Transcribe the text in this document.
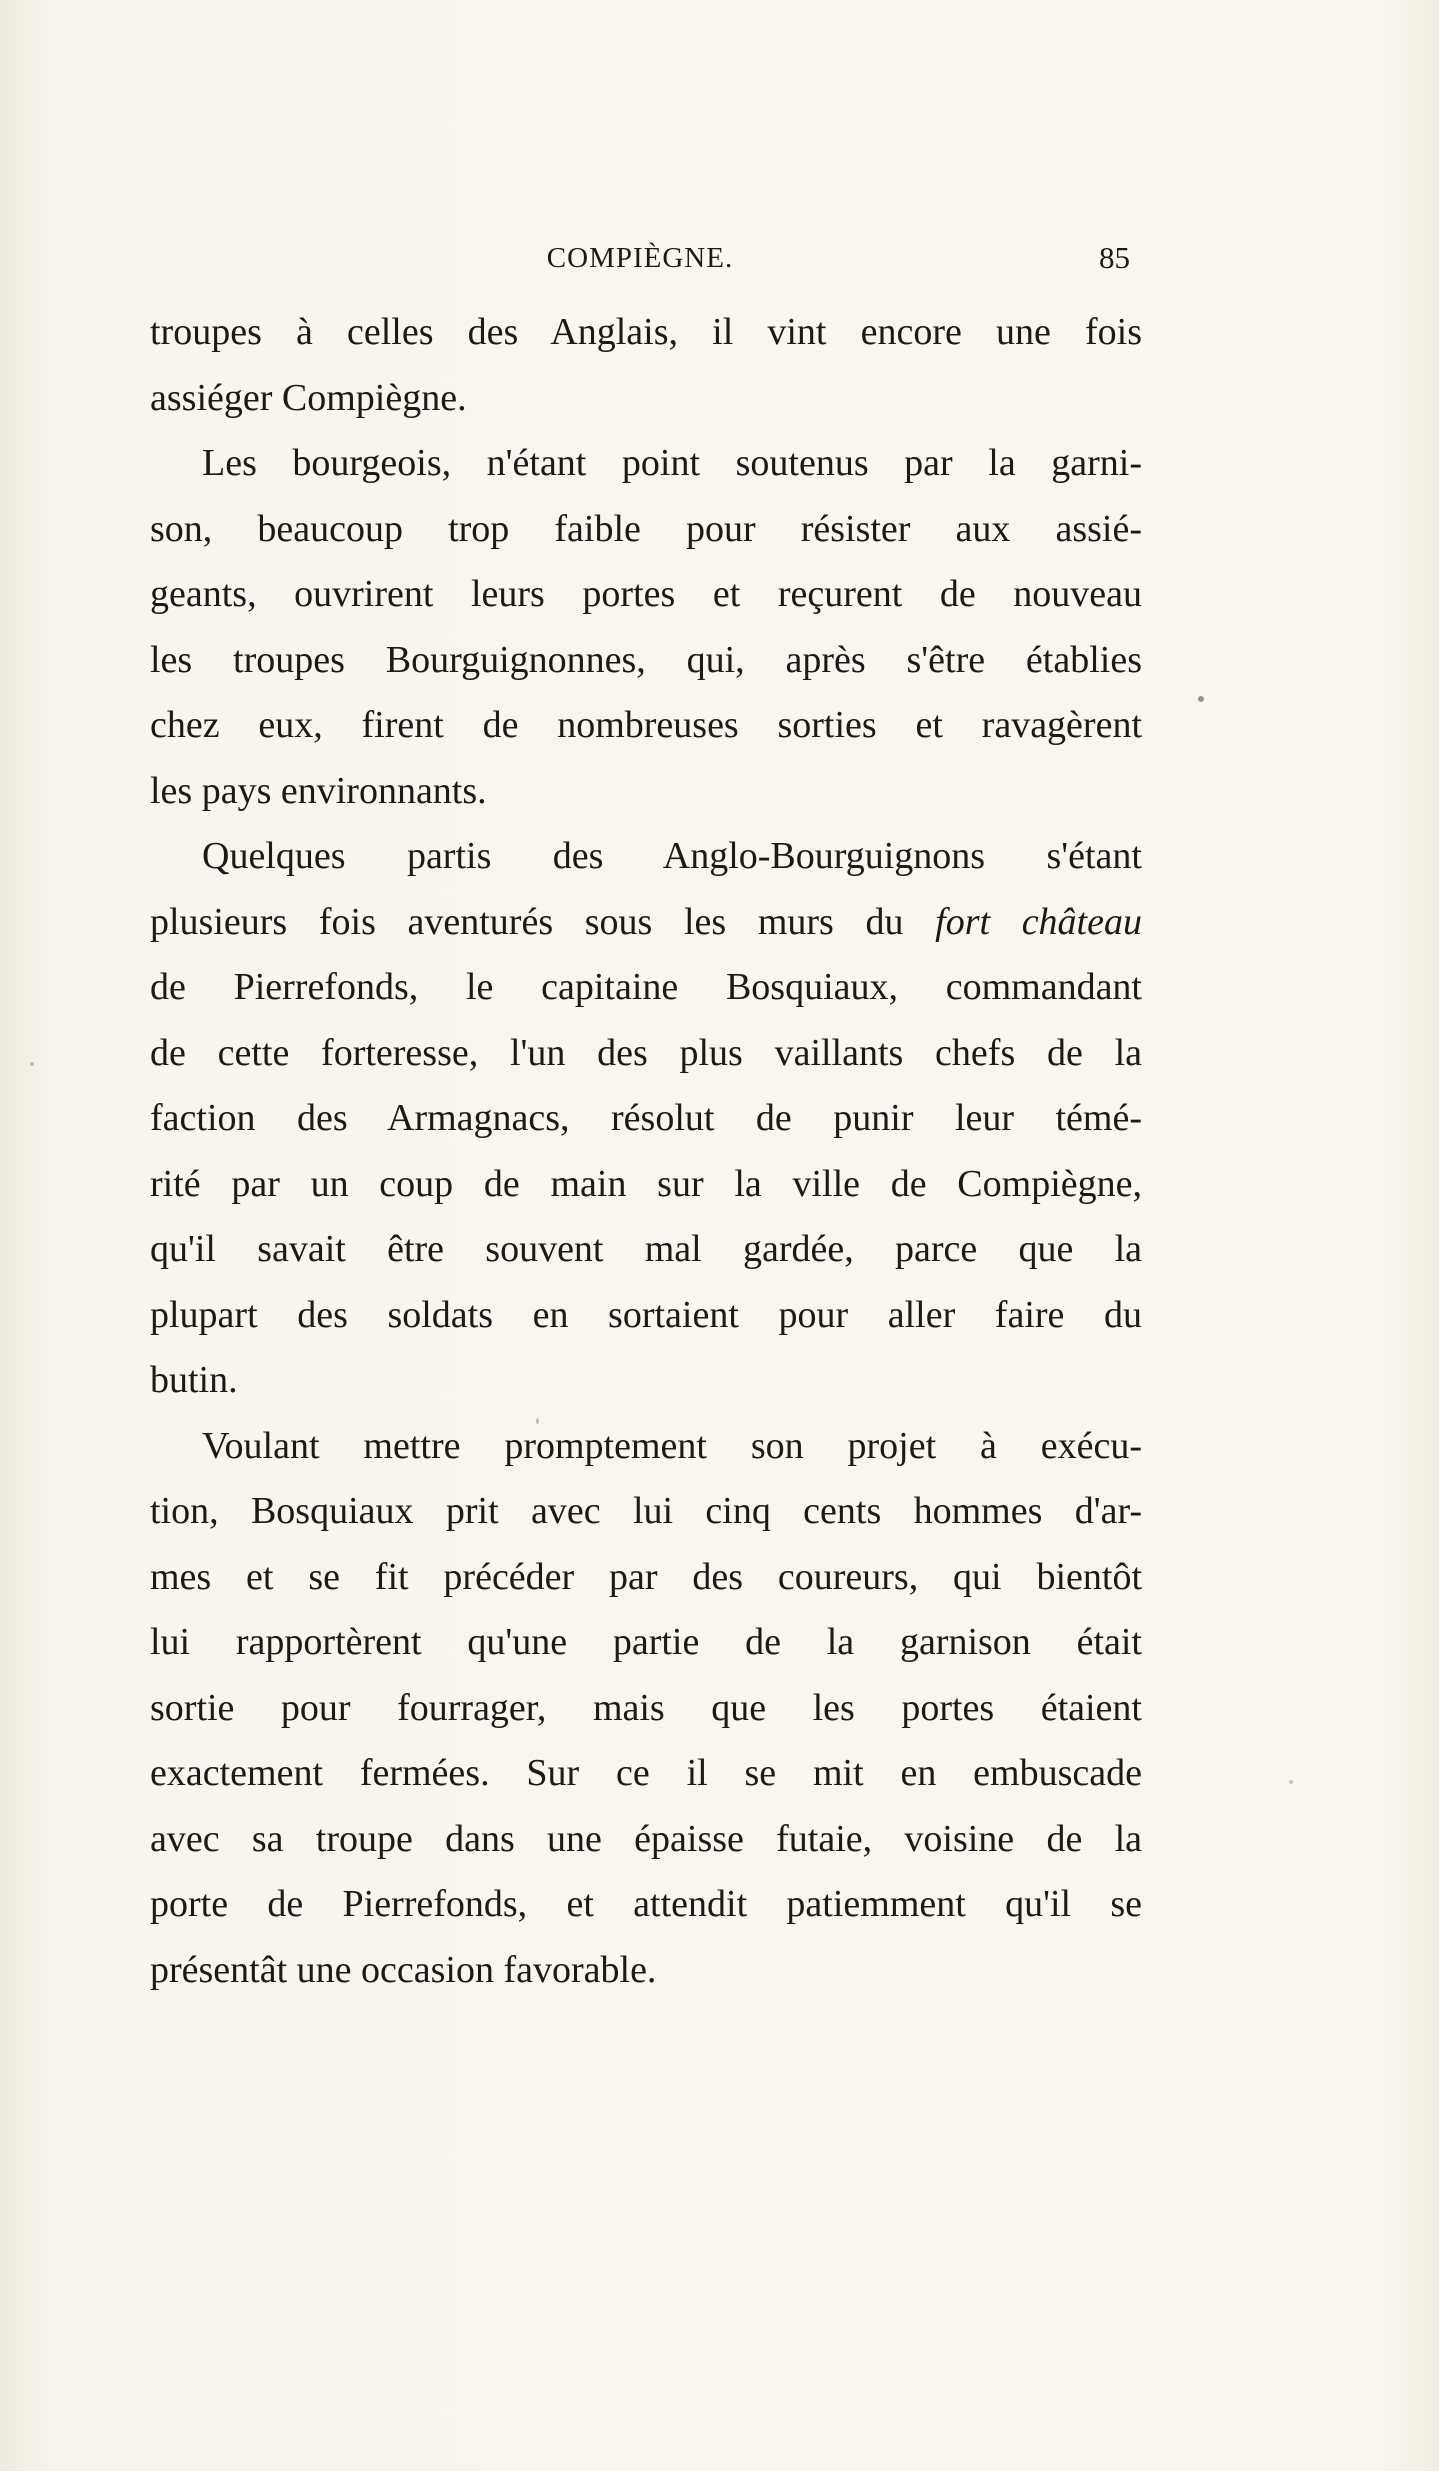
COMPIÈGNE.	85
troupes à celles des Anglais, il vint encore une fois
assiéger Compiègne.
Les bourgeois, n'étant point soutenus par la garni-
son, beaucoup trop faible pour résister aux assié-
geants, ouvrirent leurs portes et reçurent de nouveau
les troupes Bourguignonnes, qui, après s'être établies
chez eux, firent de nombreuses sorties et ravagèrent
les pays environnants.
Quelques partis des Anglo-Bourguignons s'étant
plusieurs fois aventurés sous les murs du fort château
de Pierrefonds, le capitaine Bosquiaux, commandant
de cette forteresse, l'un des plus vaillants chefs de la
faction des Armagnacs, résolut de punir leur témé-
rité par un coup de main sur la ville de Compiègne,
qu'il savait être souvent mal gardée, parce que la
plupart des soldats en sortaient pour aller faire du
butin.
Voulant mettre promptement son projet à exécu-
tion, Bosquiaux prit avec lui cinq cents hommes d'ar-
mes et se fit précéder par des coureurs, qui bientôt
lui rapportèrent qu'une partie de la garnison était
sortie pour fourrager, mais que les portes étaient
exactement fermées. Sur ce il se mit en embuscade
avec sa troupe dans une épaisse futaie, voisine de la
porte de Pierrefonds, et attendit patiemment qu'il se
présentât une occasion favorable.
